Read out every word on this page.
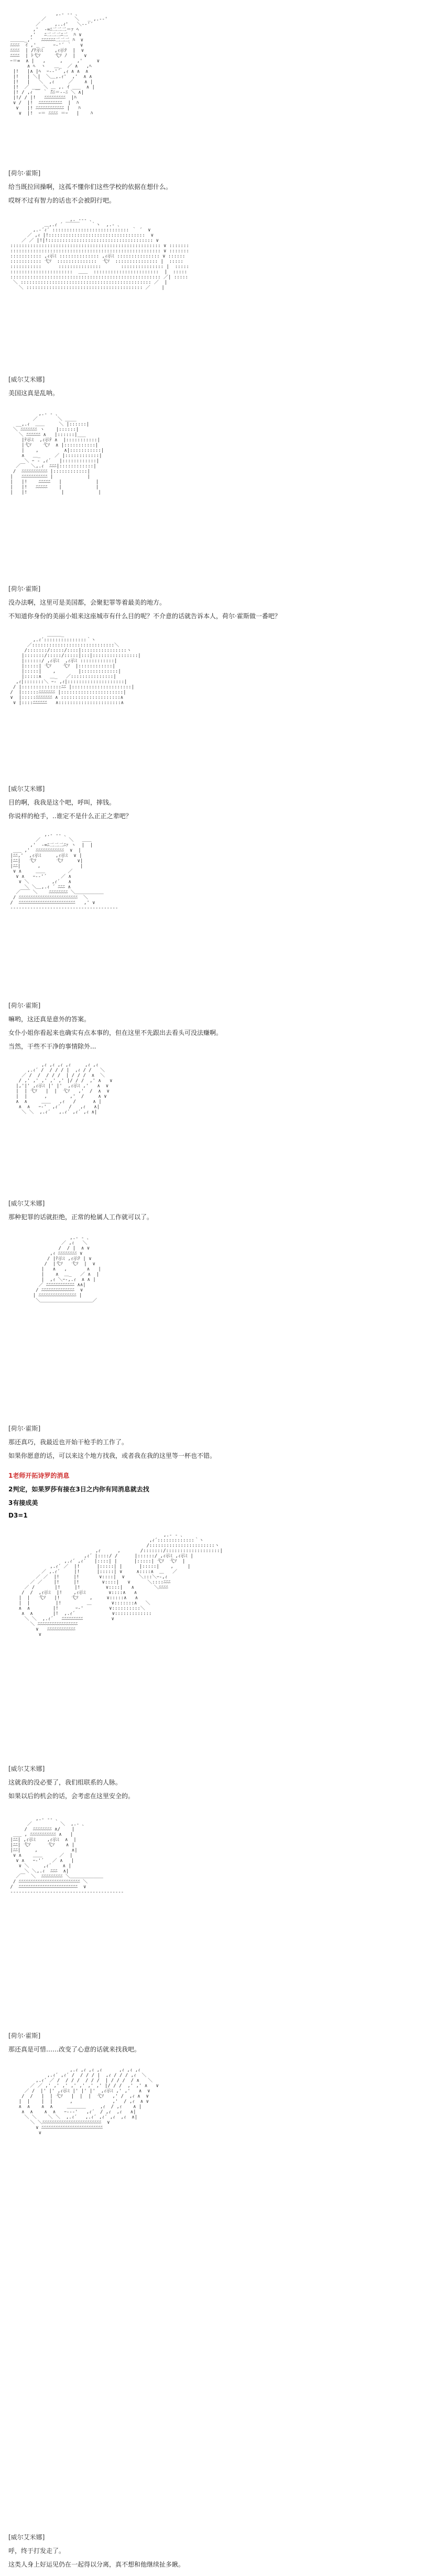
,.- ‐‐ ､
／          ＼   _ ,.-‐'
／     ,..ｨ'   ＼-‐'´
,'  ‐=ﾆ二二二＝ｧ ﾍ
,'   ﾆ二二二ﾆ二  ﾊ ∨
＿＿＿_,'   ﾆﾆﾆﾆﾆﾆ二二二 ﾊ  ∨
ﾆﾆﾆﾆ  ｲ ,'_ _   ｰ‐'´ ｀   ∨
ﾆﾆﾆﾆ  | /ﾃ示ﾐ    ,ｨ示ﾃ  |  ∨
ﾆﾆﾆﾆ  | ﾄ弋ｿ     弋ｿ ﾉ  |   ∨
ｰ＝=  ∧ |   ,     ,     ,'     ∨
∧ ﾍ  ヽ   ＿_  ／ ∧   ,ﾍ
|!   |∧ |ﾍ  ｰ-‐'´ ,ｨ ∧ ∧  ∧
|!   | ＼|  ＼＿,.ｨ'  ,'  ∧ ∧
|!   |   ＼  ,ｨ     ／    ∧ |
|!  ／ ___ ＼ ＿ ,. ｲ ___  ∧ |
|! / ,ｨ ￣ ｀ ̄ﾆﾆ＝-‐ﾆ ＼ ∧|
|!/ / |!   ﾆﾆﾆﾆﾆﾆﾆﾆﾆ  |ﾊ
∨ /  |!  ﾆﾆﾆﾆﾆﾆﾆﾆﾆﾆ  |  ﾊ
∨   |! ﾆﾆﾆﾆﾆﾆﾆﾆﾆﾆﾆﾆ |   ﾊ
∨  |!  ｰ＝ ﾆﾆﾆﾆ ＝ｰ   |    ﾊ

[荷尔·霍斯]
给当既拉回操啊，这孤不懂你们这些学校的依据在想什么。
哎呀不过有智力的话也不会被阴行吧。

,. -‐‐ ､
＿,.ｨ ´ ￣￣￣    ｀ヽ  ,.- ､
,.-´ｨ´ ::::::::::::::::::::::::::: ｀ ´  ∨
／ ,ｨ |!::::::::::::::::::::::::::::::::::  ∨
／ ／ |!|!::::::::::::::::::::::::::::::::::::: ∨
::::::::::::::::::::::::::::::::::::::::::::::::::::: ∨ :::::::
::::::::::::::::::::::::::::::::::::::::::::::::::::: ∨ :::::::
::::::::::: ,ｨ示ﾐ :::::::::::::: ,ｨ示ﾐ ::::::::::::::: ∨ ::::::
::::::::::: 弋ｿ  ::::::::::::::  弋ｿ  ::::::::::::::: |  :::::
:::::::::::      :::::::::::::::       ::::::::::::::: |  :::::
::::::::::::::::::::::  ＿＿  :::::::::::::::::::::::  |  :::::
::::::::::::::::::::::::::::::::::::::::::::::::::::: ／| :::::
＼ :::::::::::::::::::::::::::::::::::::::::::::: ／  |
＼ ::::::::::::::::::::::::::::::::::::::::: ／    |

[威尔艾米娜]
美国这真是乱呐。

,.- ‐ ､
／       ＼ ____
__,.ｨ  ＿＿     ＼ |::::::|
＼ ﾆﾆﾆﾆﾆﾆﾆ ヽ    |::::::|
＼ ﾆﾆﾆﾆﾆﾆ ∧   |::::::|___
|ﾃ示ﾐ  ,ｨ示ﾃ ∧  |:::::::::::|
|弋ｿ    弋ｿ  ∧ |:::::::::::|
|    ,         ∧|:::::::::::|
∧   ＿_     ／ |::::::::::::|
＼ ｰ ‐ ,ｨ´   |::::::::::::|
／￣  ＼,.ｨ  ﾆﾆﾆ|::::::::::::|
/  ﾆﾆﾆﾆﾆﾆﾆﾆﾆﾆﾆ |::::::::::::|
|   ﾆﾆﾆﾆﾆﾆﾆﾆﾆﾆﾆ |            |
|   |!    ﾆﾆﾆﾆﾆ   |            |
|   |!   ﾆﾆﾆﾆﾆ    |            |
|   |!            |            |

[荷尔·霍斯]
没办法啊，这里可是美国都，会聚犯罪等着最美的地方。
不知道你身份的美丽小姐来这座城市有什么目的呢？不介意的话就告诉本人，荷尔·霍斯做一番吧？

＿＿＿_
,.ｨ´:::::::::::::::｀ヽ
／:::::::::::::::::::::::::::::＼
/:::::::/:::::/::::|::::::::::::::::ヽ
|:::::::/:::::/:::::|:::|::::::::::::::::|
|::::::/ ,ｨ示ﾐ  ,ｨ示ﾐ ::::::::::::|
|:::::| 弋ｿ    弋ｿ  |::::::::::::|
|:::::|    ,        |:::::::::::::|
|:::::∧   ＿_   ／:::::::::::::::|
,ｨ|:::::::＼ ｰ‐ ,ｨ|::::::::::::::::::::|
/ |::::::::::::::ﾆﾆ |:::::::::::::::::::::|
/  |::::::ﾆﾆﾆﾆﾆﾆﾆ |::::::::::::::::::::::|
∨  |:::::ﾆﾆﾆﾆﾆﾆﾆ ∧ :::::::::::::::::::::∧
∨ |::::ﾆﾆﾆﾆﾆﾆ   ∧::::::::::::::::::::::∧

[威尔艾米娜]
目的啊，我我是这个吧，呼叫，摔钱。
你说样的枪手，..谁定不是什么正正之辈吧？

,.- ‐‐ ､
／          ＼   ＿＿
,'  ‐=ﾆ二二二ﾆｧ ヽ  |  |
___ ,'  ﾆﾆﾆﾆﾆﾆﾆﾆﾆﾆﾆﾆ  ∨  |
|ﾆﾆ,'  ,ｨ示ﾐ     ,ｨ示ﾐ  ∨ |
|ﾆﾆ|   弋ｿ       弋ｿ     ∨|
|ﾆﾆ|      ,              |
∨ ∧     ＿＿        ／
∨ ∧   ｰ‐‐'´     ／ ∧
∨ ＼        ,ｨ´   ∧
＼ ＼＿,.ｨ ´ ﾆﾆﾆ ∧
／￣￣ ＼    ﾆﾆﾆﾆﾆﾆﾆﾆ ＼＿＿＿＿＿＿
/ ﾆﾆﾆﾆﾆﾆﾆﾆﾆﾆﾆﾆﾆﾆﾆﾆﾆﾆﾆﾆﾆﾆﾆﾆﾆ  ＼
/  ﾆﾆﾆﾆﾆﾆﾆﾆﾆﾆﾆﾆﾆﾆﾆﾆﾆﾆﾆﾆﾆﾆﾆﾆ   ,' ∨
‐‐‐‐‐‐‐‐‐‐‐‐‐‐‐‐‐‐‐‐‐‐‐‐‐‐‐‐‐‐‐‐‐‐‐‐‐‐

[荷尔·霍斯]
嘛哟，这还真是意外的答案。
女仆小姐你看起来也确实有点本事的，但在这里不先跟出去看头可没法赚啊。
当然，干些不干净的事情除外...

,ｨ ,ｨ ,ｨ ,ｨ     ,ｨ ,ｨ
,.ｨ´ /  / / / |  ,ｨ / /   ＼
／ /  /  / / /  | / / /  ∧  ＼
/ ,' ,' ,' ,' ,' |/ / /  ,' ∧   ∨
|,'|' ,ｨ示ﾐ |' |'  ,ｨ示ﾐ ,'   ∧  ∨
|  | 弋ｿ   |  |  弋ｿ   ,'  /  ∧  ∨
|  |      ,        ,'  /     ∧ ∨
∧  ∧     ＿＿   ,ｨ   /      ∧ |
∧  ∧   ｰ‐'  ,ｨ´   /   ,ｨ   ∧|
＼ ＼  ,.ｨ´   ,.ｨ´ ,ｨ´ ,ｨ ∧|

[威尔艾米娜]
那种犯罪的话就拒绝，正常的枪属人工作就可以了。

,.- ‐ ､
／ ,ｨ   ＼
/  / |  ∧ ∨
,ｨ ﾆﾆﾆﾆﾆﾆﾆﾆ ∨
/ |ﾃ示ﾐ ,ｨ示ﾃ | ∨
/  |弋ｿ   弋ｿ  |  ∨
|   ∧   ,       ∧   |
|    ∧  ＿_   ／ ∧  |
|  ,ｨ ＼ｰ‐,.ｨ  ∧ ∧ |
／ ﾆﾆﾆﾆﾆﾆﾆﾆﾆﾆﾆﾆ ∧∧|
/ ﾆﾆﾆﾆﾆﾆﾆﾆﾆﾆﾆﾆﾆﾆ  ∨
| ﾆﾆﾆﾆﾆﾆﾆﾆﾆﾆﾆﾆﾆﾆﾆﾆ |
＼＿＿＿＿＿＿＿＿＿＿＿／

[荷尔·霍斯]
那还真巧，我最近也开始干枪手的工作了。
如果你愿意的话，可以来这个地方找我，或者我在我的这里等一杯也不错。
1老师开拓诗罗的消息
2判定，如果罗莎有接在3日之内你有同消息就去找
3有接成美
D3=1

,.- ‐ ､
,ｨ´:::::::::::::｀ヽ
/:::::::::::::::::::::::ヽ
,ｨ      ,       /:::::::/:::::::::::::::::::|
,ｨ´ |::::/ /      |::::::/ ,ｨ示ﾐ ,ｨ示ﾐ |
,.ｨ´ ,ｨ´   |::::| |      |:::::| 弋ｿ  弋ｿ  |
,.ｨ´ ／  |!      |:::::| |      |:::::|    ,     |
／ ,.ｨ´     |!      |:::::| ∨     ∧::::∧  ＿   ／
／ ／  |!     |!       ∨::::|  ∨     ＼:::＼ｰ‐,ｨ
／ ／    |!     |!        ∨::::|   ∨      ＼::::ﾆﾆﾆ
／ /       |!     |!         ∨::::|   ∧       ＼ﾆﾆﾆﾆ
/  /  ,ｨ示ﾐ  |!    ,ｨ示ﾐ        ∨::::∧   ∧
|  |   弋ｿ   |!    弋ｿ    ,     ∨:::::∧   ∧
|  |         |!         ＿       ∨:::::::∧   ＼
∧  ∧        |!      ｰ‐'         ∨::::::::::＼
∧  ∧       |!  ,.ｨ´             ∨:::::::::::::
＼ ＼  ,.ｨ´   ﾆﾆﾆﾆﾆﾆﾆﾆﾆ          ∨
＼ ﾆﾆﾆﾆﾆﾆﾆﾆﾆﾆﾆﾆﾆﾆﾆﾆﾆ
∨   ﾆﾆﾆﾆﾆﾆﾆﾆﾆﾆﾆﾆ
∨

[威尔艾米娜]
这就我的没必要了，我们组联系的人脉。
如果以后的机会的话，会考虑在这里安全的。

,.- ‐‐ ､
／          ＼  ,.- ､
/  ﾆﾆﾆﾆﾆﾆﾆﾆ ∧/    |
___ , ﾆﾆﾆﾆﾆﾆﾆﾆﾆﾆﾆ ∧   |
|ﾆﾆ| ,ｨ示ﾐ    ,ｨ示ﾐ  ∧  |
|ﾆﾆ| 弋ｿ      弋ｿ    ∧ |
|ﾆﾆ|     ,            ∧|
∨ ∧    ＿＿      ／  |
∨ ∧   ｰ‐'´   ／ ∧   |
∨ ＼     ,ｨ´    ∧ |
＼ ＼,.ｨ  ﾆﾆﾆ  ∧|
／￣  ＼  ﾆﾆﾆﾆﾆﾆﾆﾆﾆ ＼＿＿＿＿＿＿＿
/ ﾆﾆﾆﾆﾆﾆﾆﾆﾆﾆﾆﾆﾆﾆﾆﾆﾆﾆﾆﾆﾆﾆﾆﾆﾆﾆ ＼
/  ﾆﾆﾆﾆﾆﾆﾆﾆﾆﾆﾆﾆﾆﾆﾆﾆﾆﾆﾆﾆﾆﾆﾆﾆﾆ  ∨
‐‐‐‐‐‐‐‐‐‐‐‐‐‐‐‐‐‐‐‐‐‐‐‐‐‐‐‐‐‐‐‐‐‐‐‐‐‐‐‐

[荷尔·霍斯]
那还真是可惜……改变了心意的话就来找我吧。

,.ｨ ,ｨ ,ｨ ,ｨ      ,ｨ ,ｨ ,ｨ
,.ｨ´ ,ｨ´ /  / / / |  ,ｨ / / / ,ｨ  ＼
,.ｨ´ ／ /  / / /  / / /  | / / /  / ∧   ＼
／ ／ ,' ,' ,' ,' ,' ,' ,' |/ / /  ,' ,' ∧   ∨
／ /  |' |' ,ｨ示ﾐ |' |' |'  ,ｨ示ﾐ ,' ,'   ∧  ∨
/  /   |  | 弋ｿ   |  |  |  弋ｿ   ,' /  ,ｨ ∧  ∨
|  |    |  |      ,              ,'  / ,ｨ  ∧ ∨
∧  ∧    ∧  ∧     ＿＿＿＿     ,ｨ  / ,ｨ    ∧ |
∧  ∧    ∧  ∧   ｰ‐‐‐'   ,ｨ´  / ,ｨ  ,ｨ   ∧|
＼ ＼    ＼ ＼  ,.ｨ´   ,.ｨ´ ,ｨ´ ,ｨ  ,ｨ  ∧|
＼ ＼ﾆﾆﾆﾆﾆﾆﾆﾆﾆﾆﾆﾆﾆﾆﾆﾆﾆﾆﾆﾆﾆﾆﾆﾆﾆ  ∨
∨ ﾆﾆﾆﾆﾆﾆﾆﾆﾆﾆﾆﾆﾆﾆﾆﾆﾆﾆﾆﾆﾆﾆﾆﾆﾆﾆ
∨

[威尔艾米娜]
呼，终于打发走了。
这类人身上好运见仍在一起得以分离，真不想和他继续扯多瞅。
